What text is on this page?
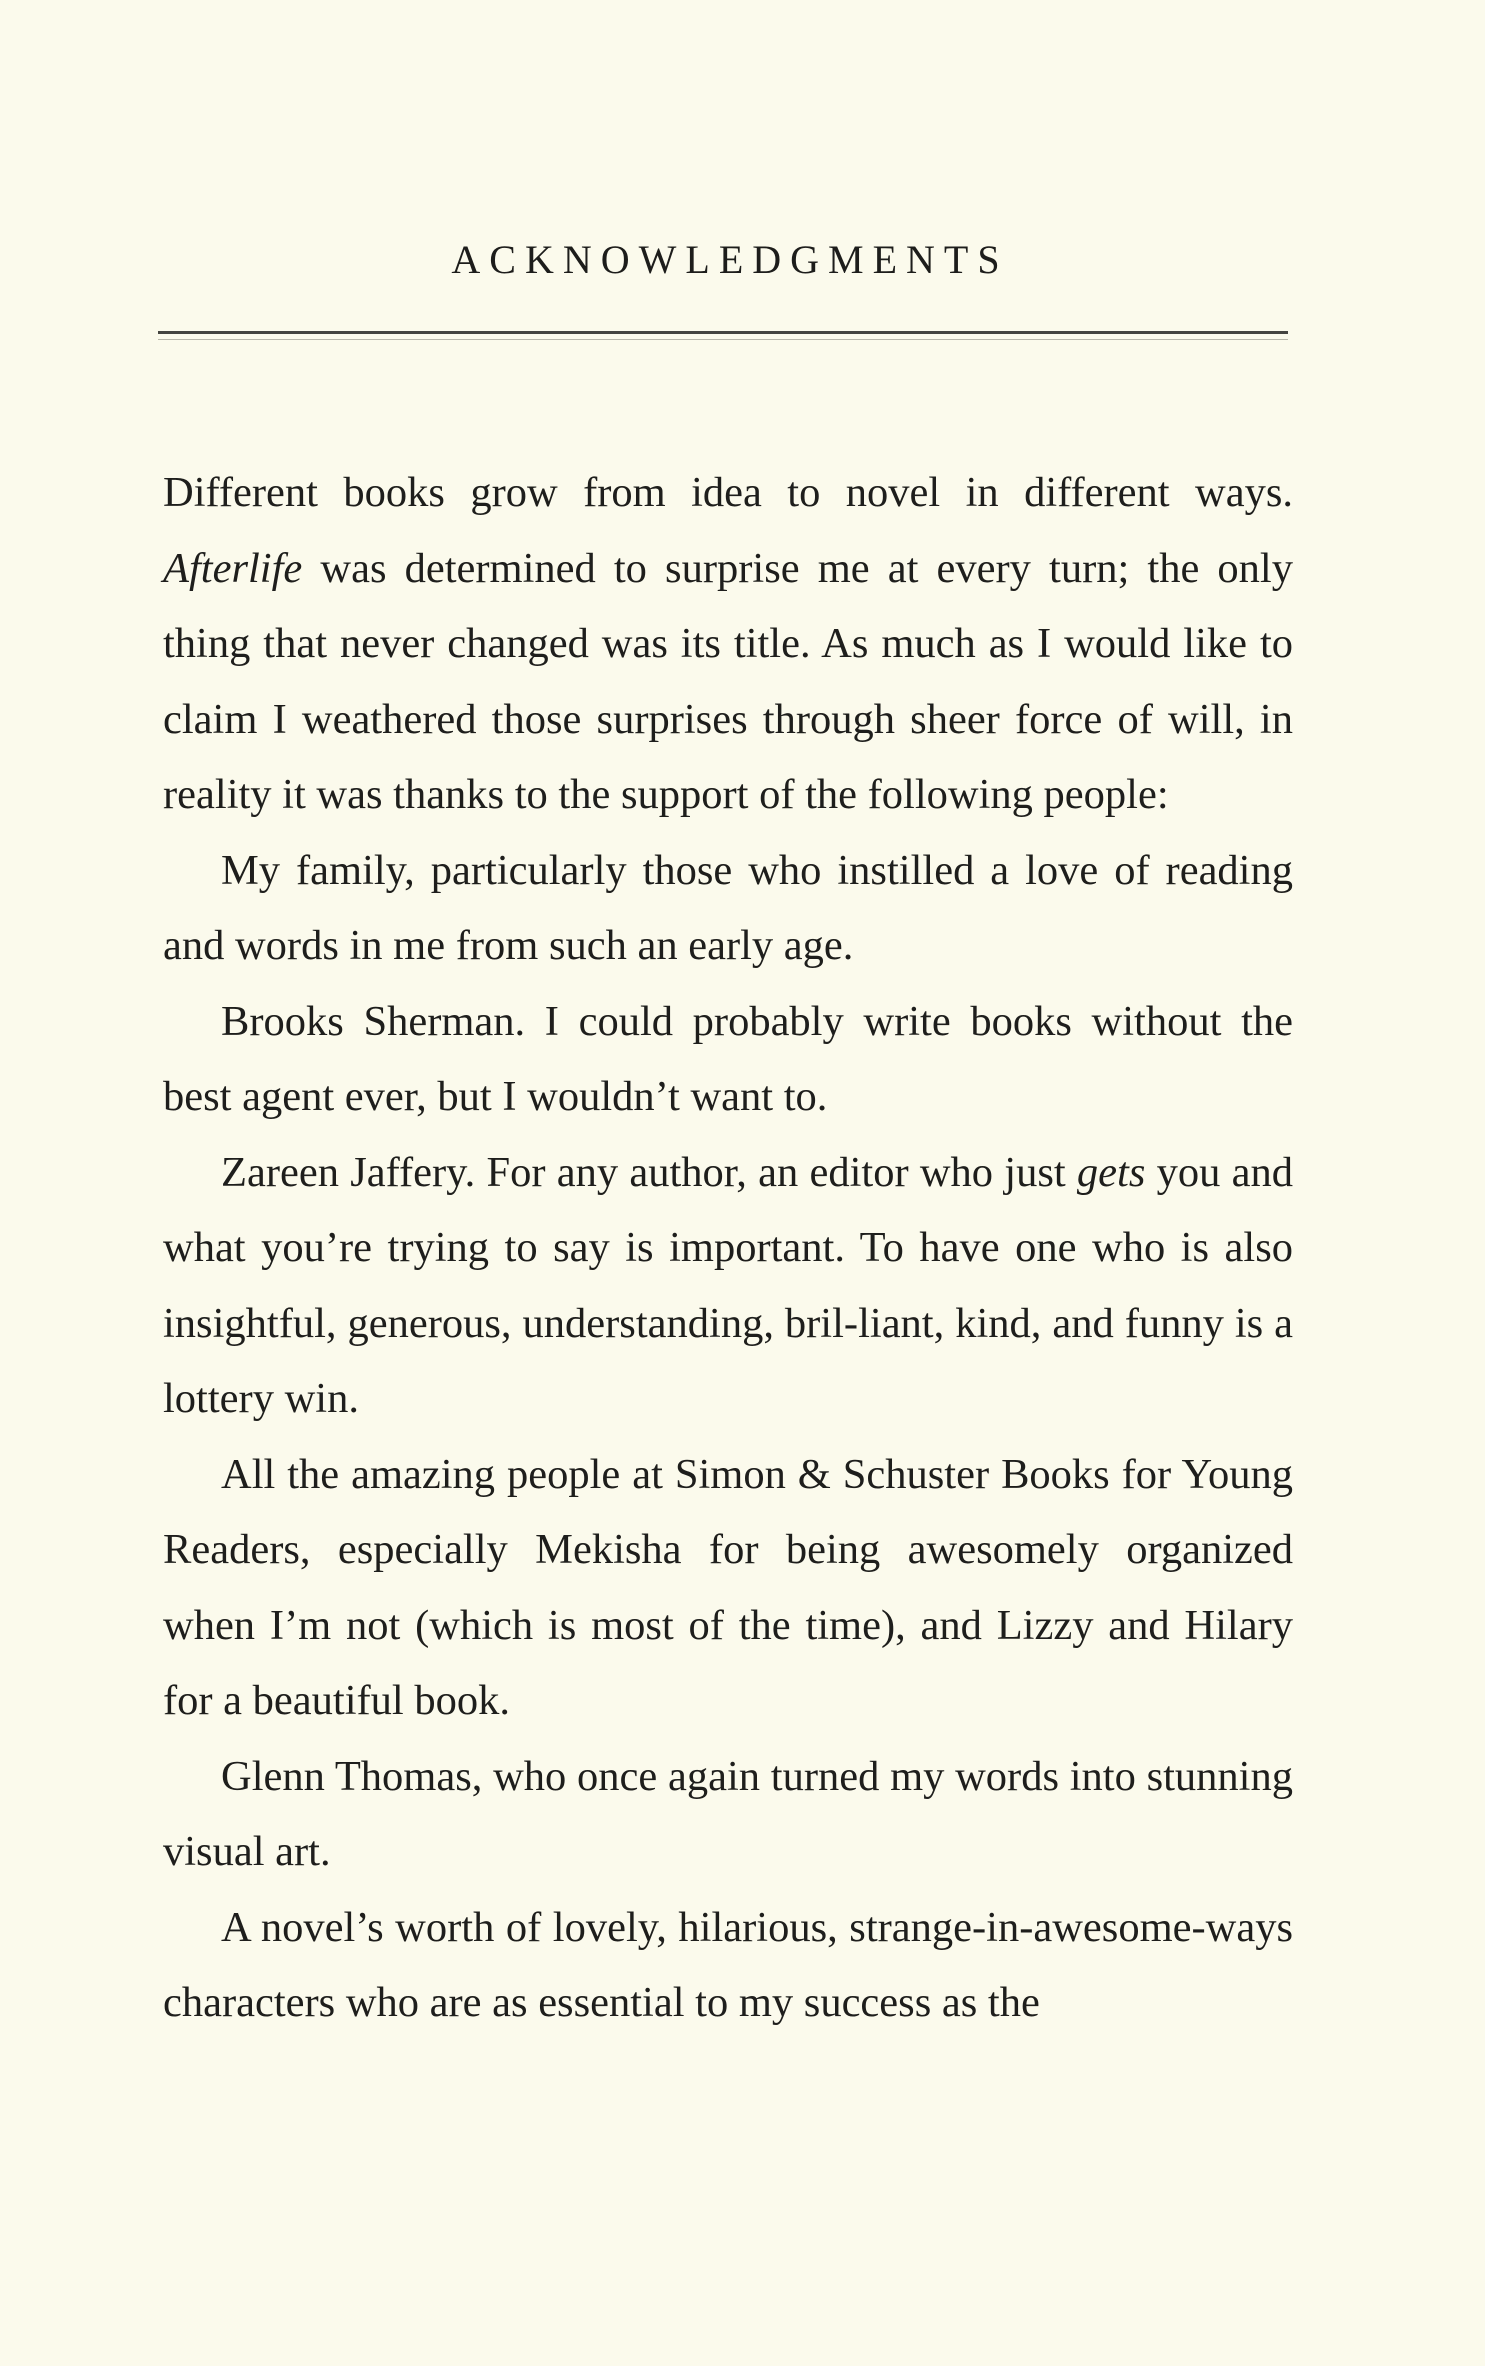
ACKNOWLEDGMENTS

Different books grow from idea to novel in different ways. Afterlife was determined to surprise me at every turn; the only thing that never changed was its title. As much as I would like to claim I weathered those surprises through sheer force of will, in reality it was thanks to the support of the following people:

My family, particularly those who instilled a love of reading and words in me from such an early age.

Brooks Sherman. I could probably write books without the best agent ever, but I wouldn’t want to.

Zareen Jaffery. For any author, an editor who just gets you and what you’re trying to say is important. To have one who is also insightful, generous, understanding, bril-liant, kind, and funny is a lottery win.

All the amazing people at Simon & Schuster Books for Young Readers, especially Mekisha for being awesomely organized when I’m not (which is most of the time), and Lizzy and Hilary for a beautiful book.

Glenn Thomas, who once again turned my words into stunning visual art.

A novel’s worth of lovely, hilarious, strange-in-awesome-ways characters who are as essential to my success as the
